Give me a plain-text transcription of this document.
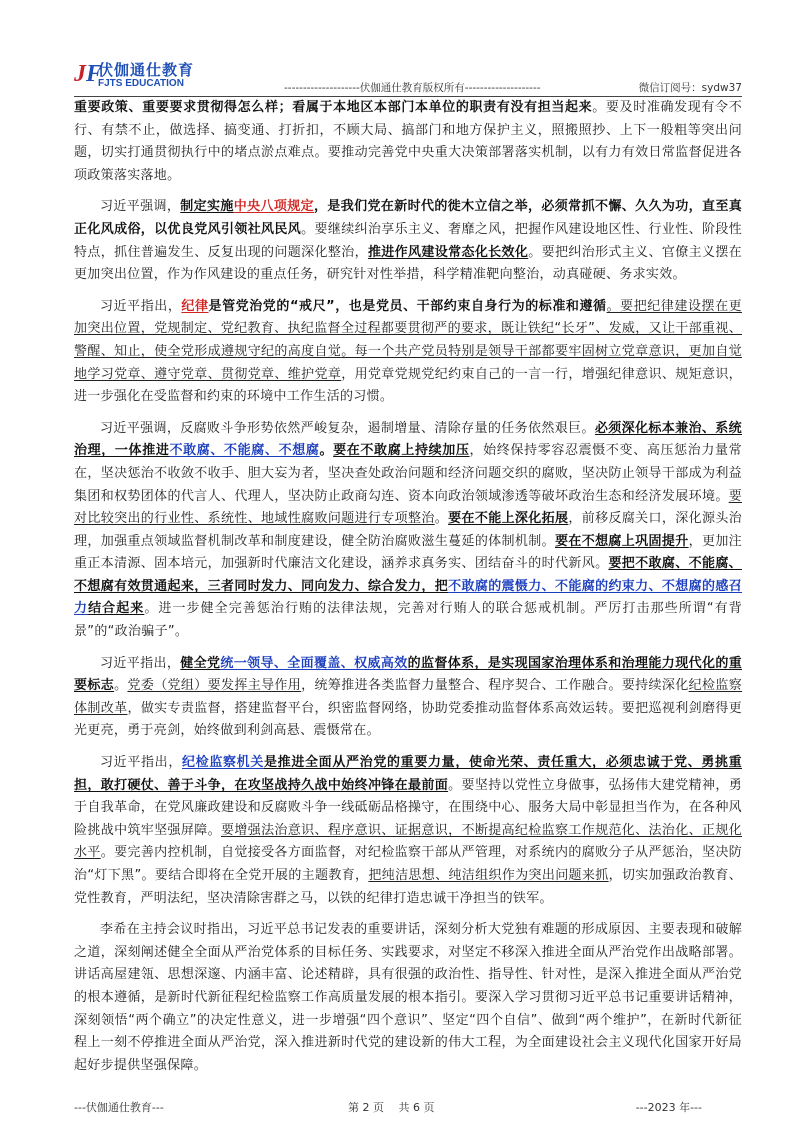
JF
伏伽通仕教育
FJTS EDUCATION	--------------------伏伽通仕教育版权所有--------------------	微信订阅号：sydw37

重要政策、重要要求贯彻得怎么样；看属于本地区本部门本单位的职责有没有担当起来。要及时准确发现有令不行、有禁不止，做选择、搞变通、打折扣，不顾大局、搞部门和地方保护主义，照搬照抄、上下一般粗等突出问题，切实打通贯彻执行中的堵点淤点难点。要推动完善党中央重大决策部署落实机制，以有力有效日常监督促进各项政策落实落地。

习近平强调，制定实施中央八项规定，是我们党在新时代的徙木立信之举，必须常抓不懈、久久为功，直至真正化风成俗，以优良党风引领社风民风。要继续纠治享乐主义、奢靡之风，把握作风建设地区性、行业性、阶段性特点，抓住普遍发生、反复出现的问题深化整治，推进作风建设常态化长效化。要把纠治形式主义、官僚主义摆在更加突出位置，作为作风建设的重点任务，研究针对性举措，科学精准靶向整治，动真碰硬、务求实效。

习近平指出，纪律是管党治党的“戒尺”，也是党员、干部约束自身行为的标准和遵循。要把纪律建设摆在更加突出位置，党规制定、党纪教育、执纪监督全过程都要贯彻严的要求，既让铁纪“长牙”、发威，又让干部重视、警醒、知止，使全党形成遵规守纪的高度自觉。每一个共产党员特别是领导干部都要牢固树立党章意识，更加自觉地学习党章、遵守党章、贯彻党章、维护党章，用党章党规党纪约束自己的一言一行，增强纪律意识、规矩意识，进一步强化在受监督和约束的环境中工作生活的习惯。

习近平强调，反腐败斗争形势依然严峻复杂，遏制增量、清除存量的任务依然艰巨。必须深化标本兼治、系统治理，一体推进不敢腐、不能腐、不想腐。要在不敢腐上持续加压，始终保持零容忍震慑不变、高压惩治力量常在，坚决惩治不收敛不收手、胆大妄为者，坚决查处政治问题和经济问题交织的腐败，坚决防止领导干部成为利益集团和权势团体的代言人、代理人，坚决防止政商勾连、资本向政治领域渗透等破坏政治生态和经济发展环境。要对比较突出的行业性、系统性、地域性腐败问题进行专项整治。要在不能上深化拓展，前移反腐关口，深化源头治理，加强重点领域监督机制改革和制度建设，健全防治腐败滋生蔓延的体制机制。要在不想腐上巩固提升，更加注重正本清源、固本培元，加强新时代廉洁文化建设，涵养求真务实、团结奋斗的时代新风。要把不敢腐、不能腐、不想腐有效贯通起来，三者同时发力、同向发力、综合发力，把不敢腐的震慑力、不能腐的约束力、不想腐的感召力结合起来。进一步健全完善惩治行贿的法律法规，完善对行贿人的联合惩戒机制。严厉打击那些所谓“有背景”的“政治骗子”。

习近平指出，健全党统一领导、全面覆盖、权威高效的监督体系，是实现国家治理体系和治理能力现代化的重要标志。党委（党组）要发挥主导作用，统筹推进各类监督力量整合、程序契合、工作融合。要持续深化纪检监察体制改革，做实专责监督，搭建监督平台，织密监督网络，协助党委推动监督体系高效运转。要把巡视利剑磨得更光更亮，勇于亮剑，始终做到利剑高悬、震慑常在。

习近平指出，纪检监察机关是推进全面从严治党的重要力量，使命光荣、责任重大，必须忠诚于党、勇挑重担，敢打硬仗、善于斗争，在攻坚战持久战中始终冲锋在最前面。要坚持以党性立身做事，弘扬伟大建党精神，勇于自我革命，在党风廉政建设和反腐败斗争一线砥砺品格操守，在围绕中心、服务大局中彰显担当作为，在各种风险挑战中筑牢坚强屏障。要增强法治意识、程序意识、证据意识，不断提高纪检监察工作规范化、法治化、正规化水平。要完善内控机制，自觉接受各方面监督，对纪检监察干部从严管理，对系统内的腐败分子从严惩治，坚决防治“灯下黑”。要结合即将在全党开展的主题教育，把纯洁思想、纯洁组织作为突出问题来抓，切实加强政治教育、党性教育，严明法纪，坚决清除害群之马，以铁的纪律打造忠诚干净担当的铁军。

李希在主持会议时指出，习近平总书记发表的重要讲话，深刻分析大党独有难题的形成原因、主要表现和破解之道，深刻阐述健全全面从严治党体系的目标任务、实践要求，对坚定不移深入推进全面从严治党作出战略部署。讲话高屋建瓴、思想深邃、内涵丰富、论述精辟，具有很强的政治性、指导性、针对性，是深入推进全面从严治党的根本遵循，是新时代新征程纪检监察工作高质量发展的根本指引。要深入学习贯彻习近平总书记重要讲话精神，深刻领悟“两个确立”的决定性意义，进一步增强“四个意识”、坚定“四个自信”、做到“两个维护”，在新时代新征程上一刻不停推进全面从严治党，深入推进新时代党的建设新的伟大工程，为全面建设社会主义现代化国家开好局起好步提供坚强保障。

---伏伽通仕教育---	第 2 页　 共 6 页	---2023 年---
